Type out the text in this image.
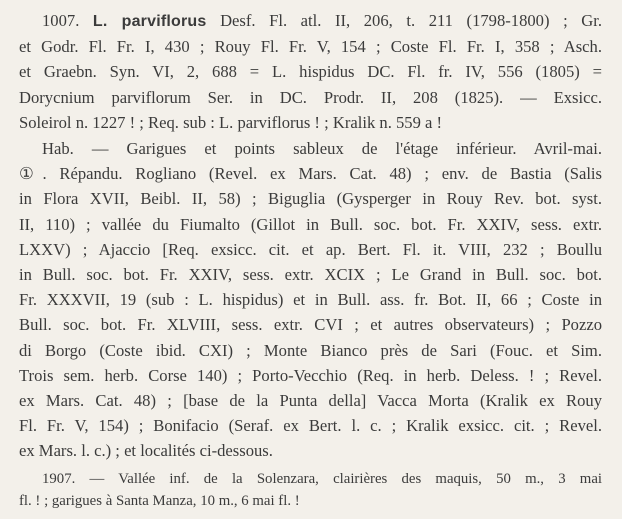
1007. L. parviflorus Desf. Fl. atl. II, 206, t. 211 (1798-1800) ; Gr.
et Godr. Fl. Fr. I, 430 ; Rouy Fl. Fr. V, 154 ; Coste Fl. Fr. I, 358 ; Asch.
et Graebn. Syn. VI, 2, 688 = L. hispidus DC. Fl. fr. IV, 556 (1805) =
Dorycnium parviflorum Ser. in DC. Prodr. II, 208 (1825). — Exsicc.
Soleirol n. 1227 ! ; Req. sub : L. parviflorus ! ; Kralik n. 559 a !
Hab. — Garigues et points sableux de l'étage inférieur. Avril-mai.
①. Répandu. Rogliano (Revel. ex Mars. Cat. 48) ; env. de Bastia (Salis
in Flora XVII, Beibl. II, 58) ; Biguglia (Gysperger in Rouy Rev. bot. syst.
II, 110) ; vallée du Fiumalto (Gillot in Bull. soc. bot. Fr. XXIV, sess. extr.
LXXV) ; Ajaccio [Req. exsicc. cit. et ap. Bert. Fl. it. VIII, 232 ; Boullu
in Bull. soc. bot. Fr. XXIV, sess. extr. XCIX ; Le Grand in Bull. soc. bot.
Fr. XXXVII, 19 (sub : L. hispidus) et in Bull. ass. fr. Bot. II, 66 ; Coste in
Bull. soc. bot. Fr. XLVIII, sess. extr. CVI ; et autres observateurs) ; Pozzo
di Borgo (Coste ibid. CXI) ; Monte Bianco près de Sari (Fouc. et Sim.
Trois sem. herb. Corse 140) ; Porto-Vecchio (Req. in herb. Deless. ! ; Revel.
ex Mars. Cat. 48) ; [base de la Punta della] Vacca Morta (Kralik ex Rouy
Fl. Fr. V, 154) ; Bonifacio (Seraf. ex Bert. l. c. ; Kralik exsicc. cit. ; Revel.
ex Mars. l. c.) ; et localités ci-dessous.
1907. — Vallée inf. de la Solenzara, clairières des maquis, 50 m., 3 mai
fl. ! ; garigues à Santa Manza, 10 m., 6 mai fl. !
